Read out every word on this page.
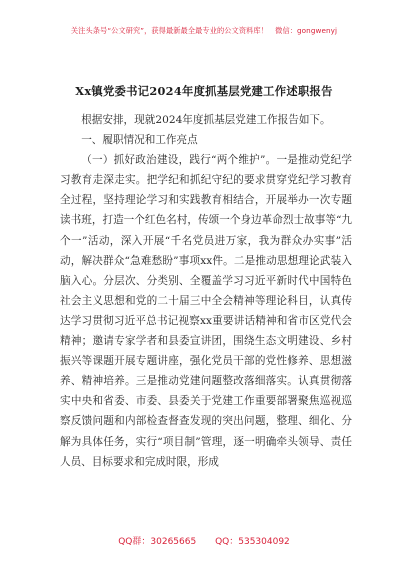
关注头条号“公文研究”，获得最新最全最专业的公文资料库！ 微信：gongwenyj
Xx镇党委书记2024年度抓基层党建工作述职报告

根据安排，现就2024年度抓基层党建工作报告如下。

一、履职情况和工作亮点

（一）抓好政治建设，践行“两个维护”。一是推动党纪学习教育走深走实。把学纪和抓纪守纪的要求贯穿党纪学习教育全过程，坚持理论学习和实践教育相结合，开展举办一次专题读书班，打造一个红色名村，传颂一个身边革命烈士故事等“九个一”活动，深入开展“千名党员进万家，我为群众办实事”活动，解决群众“急难愁盼”事项xx件。二是推动思想理论武装入脑入心。分层次、分类别、全覆盖学习习近平新时代中国特色社会主义思想和党的二十届三中全会精神等理论科目，认真传达学习贯彻习近平总书记视察xx重要讲话精神和省市区党代会精神；邀请专家学者和县委宣讲团，围绕生态文明建设、乡村振兴等课题开展专题讲座，强化党员干部的党性修养、思想滋养、精神培养。三是推动党建问题整改落细落实。认真贯彻落实中央和省委、市委、县委关于党建工作重要部署聚焦巡视巡察反馈问题和内部检查督查发现的突出问题，整理、细化、分解为具体任务，实行“项目制”管理，逐一明确牵头领导、责任人员、目标要求和完成时限，形成

QQ群：30265665 QQ：535304092
